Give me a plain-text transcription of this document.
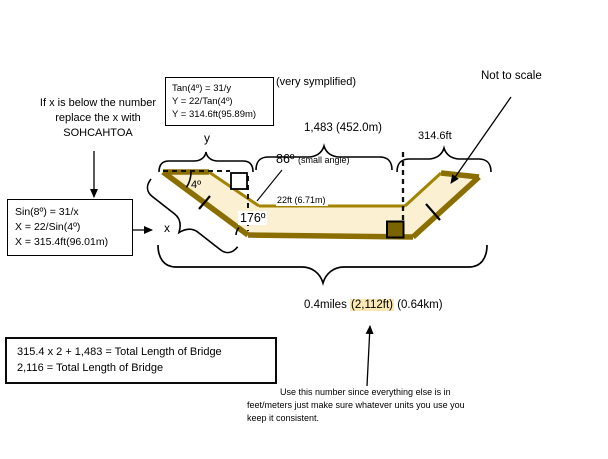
If x is below the number
replace the x with
SOHCAHTOA
Tan(4º) = 31/y
Y = 22/Tan(4º)
Y = 314.6ft(95.89m)
(very symplified)	Not to scale
y
1,483 (452.0m)
314.6ft
86º (small angle)
22ft (6.71m)
4º
176º
x
Sin(8º) = 31/x
X = 22/Sin(4º)
X = 315.4ft(96.01m)
0.4miles (2,112ft) (0.64km)
315.4 x 2 + 1,483 = Total Length of Bridge
2,116 = Total Length of Bridge
Use this number since everything else is in
feet/meters just make sure whatever units you use you
keep it consistent.
